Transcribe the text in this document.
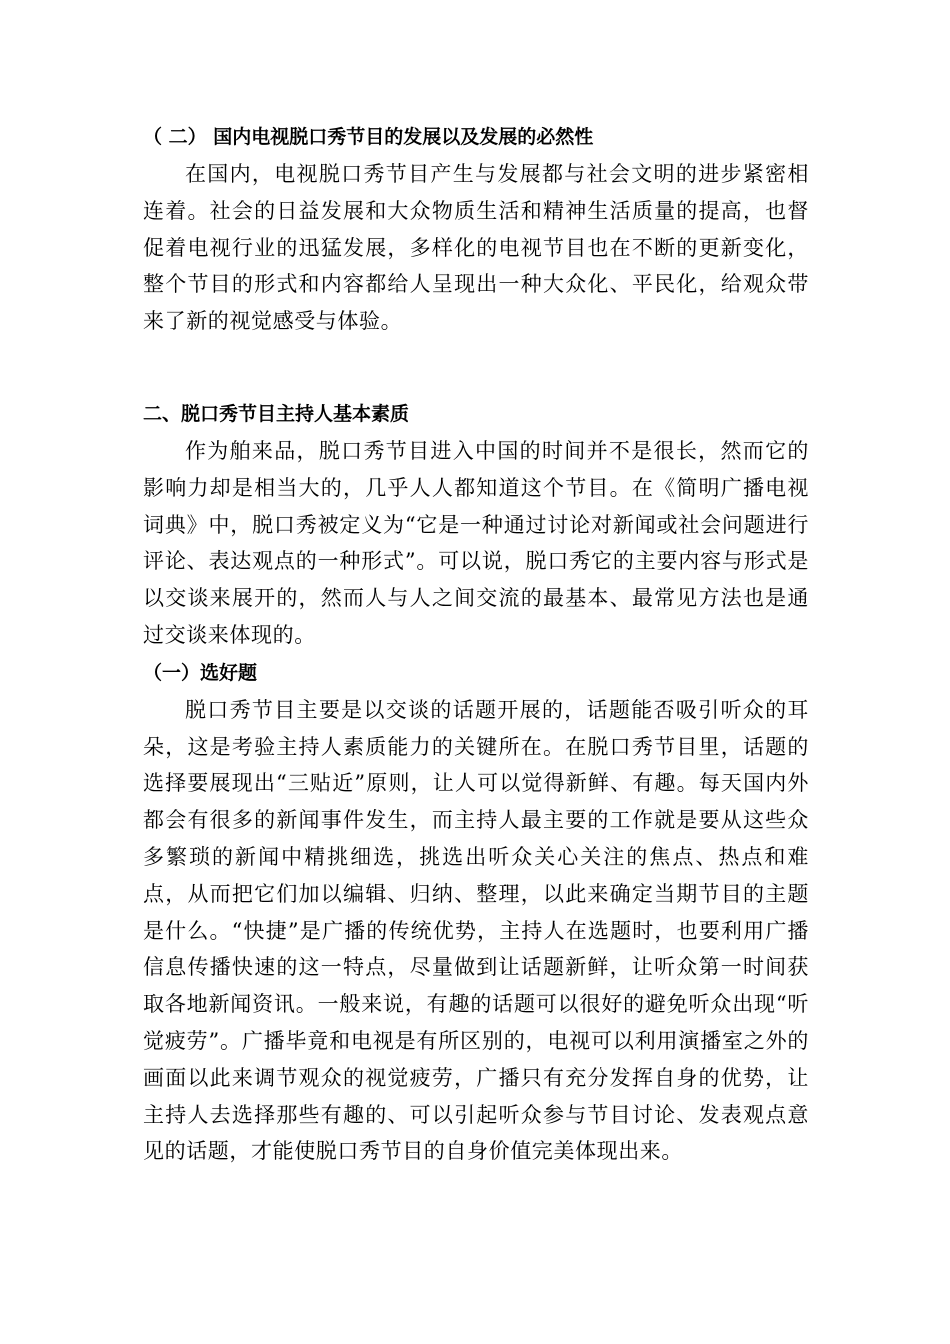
（ 二） 国内电视脱口秀节目的发展以及发展的必然性

在国内，电视脱口秀节目产生与发展都与社会文明的进步紧密相连着。社会的日益发展和大众物质生活和精神生活质量的提高，也督促着电视行业的迅猛发展，多样化的电视节目也在不断的更新变化，整个节目的形式和内容都给人呈现出一种大众化、平民化，给观众带来了新的视觉感受与体验。

二、脱口秀节目主持人基本素质

作为舶来品，脱口秀节目进入中国的时间并不是很长，然而它的影响力却是相当大的，几乎人人都知道这个节目。在《简明广播电视词典》中，脱口秀被定义为“它是一种通过讨论对新闻或社会问题进行评论、表达观点的一种形式”。可以说，脱口秀它的主要内容与形式是以交谈来展开的，然而人与人之间交流的最基本、最常见方法也是通过交谈来体现的。

（一）选好题

脱口秀节目主要是以交谈的话题开展的，话题能否吸引听众的耳朵，这是考验主持人素质能力的关键所在。在脱口秀节目里，话题的选择要展现出“三贴近”原则，让人可以觉得新鲜、有趣。每天国内外都会有很多的新闻事件发生，而主持人最主要的工作就是要从这些众多繁琐的新闻中精挑细选，挑选出听众关心关注的焦点、热点和难点，从而把它们加以编辑、归纳、整理，以此来确定当期节目的主题是什么。“快捷”是广播的传统优势，主持人在选题时，也要利用广播信息传播快速的这一特点，尽量做到让话题新鲜，让听众第一时间获取各地新闻资讯。一般来说，有趣的话题可以很好的避免听众出现“听觉疲劳”。广播毕竟和电视是有所区别的，电视可以利用演播室之外的画面以此来调节观众的视觉疲劳，广播只有充分发挥自身的优势，让主持人去选择那些有趣的、可以引起听众参与节目讨论、发表观点意见的话题，才能使脱口秀节目的自身价值完美体现出来。
